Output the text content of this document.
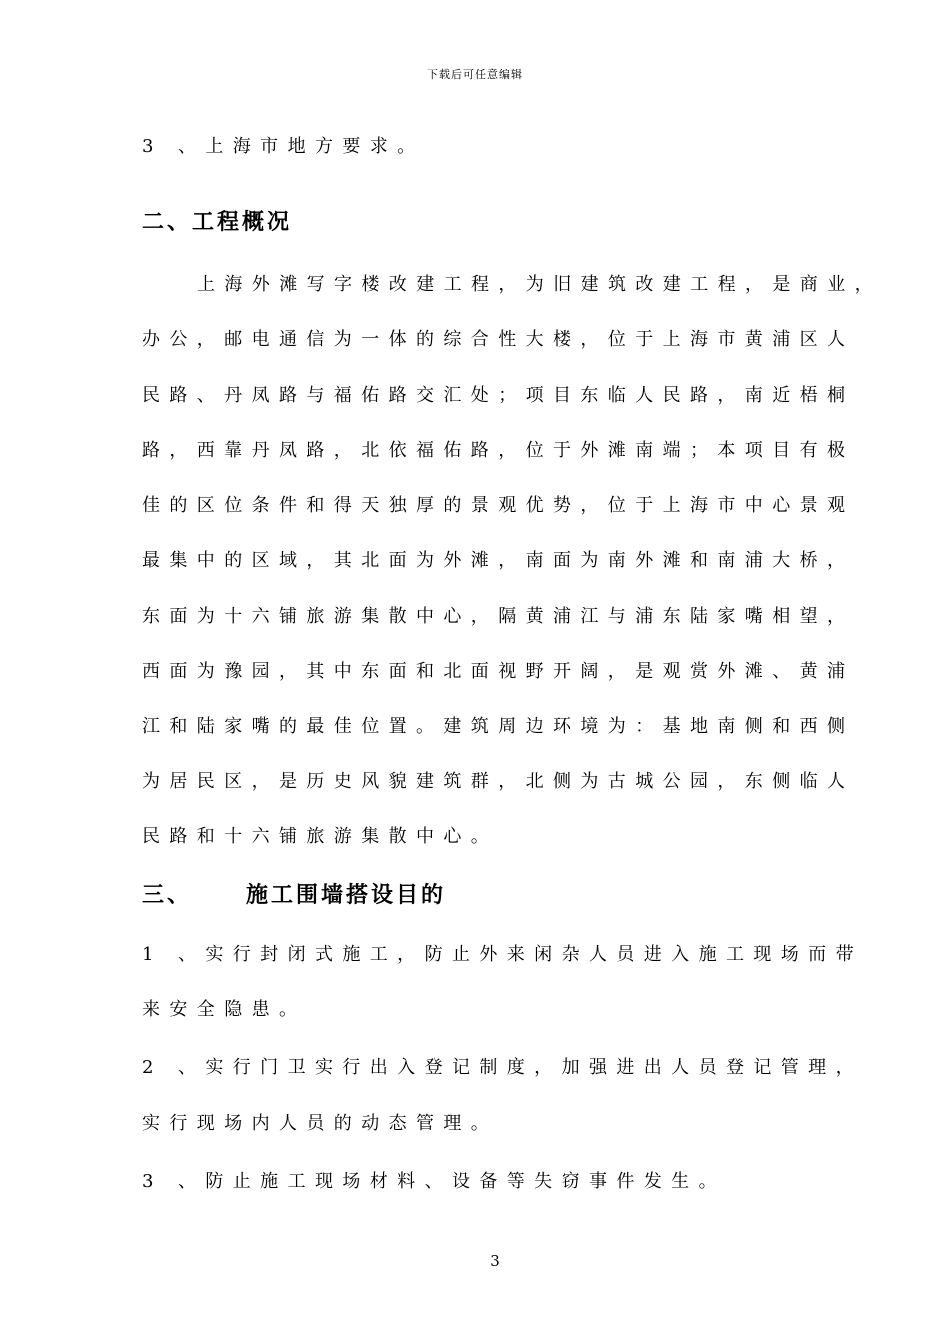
下载后可任意编辑
3 、上海市地方要求。
二、工程概况
上海外滩写字楼改建工程，为旧建筑改建工程，是商业，
办公，邮电通信为一体的综合性大楼，位于上海市黄浦区人
民路、丹凤路与福佑路交汇处；项目东临人民路，南近梧桐
路，西靠丹凤路，北依福佑路，位于外滩南端；本项目有极
佳的区位条件和得天独厚的景观优势，位于上海市中心景观
最集中的区域，其北面为外滩，南面为南外滩和南浦大桥，
东面为十六铺旅游集散中心，隔黄浦江与浦东陆家嘴相望，
西面为豫园，其中东面和北面视野开阔，是观赏外滩、黄浦
江和陆家嘴的最佳位置。建筑周边环境为：基地南侧和西侧
为居民区，是历史风貌建筑群，北侧为古城公园，东侧临人
民路和十六铺旅游集散中心。
三、 施工围墙搭设目的
1 、实行封闭式施工，防止外来闲杂人员进入施工现场而带
来安全隐患。
2 、实行门卫实行出入登记制度，加强进出人员登记管理，
实行现场内人员的动态管理。
3 、防止施工现场材料、设备等失窃事件发生。
3
